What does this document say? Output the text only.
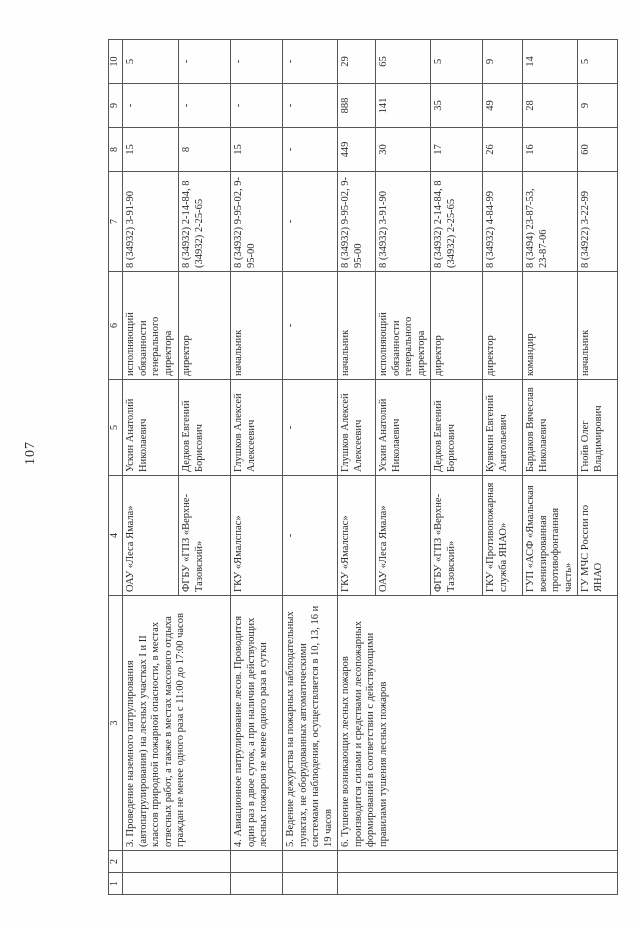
107
1	2	3	4	5	6	7	8	9	10
		3. Проведение наземного патрулирования (автопатрулирования) на лесных участках I и II классов природной пожарной опасности, в местах отвесных работ, а также в местах массового отдыха граждан не менее одного раза с 11:00 до 17:00 часов	ОАУ «Леса Ямала»	Ускин Анатолий Николаевич	исполняющий обязанности генерального директора	8 (34932) 3-91-90	15	-	5
			ФГБУ «ГПЗ «Верхне-Тазовский»	Дедков Евгений Борисович	директор	8 (34932) 2-14-84, 8 (34932) 2-25-65	8	-	-
		4. Авиационное патрулирование лесов. Проводится один раз в двое суток, а при наличии действующих лесных пожаров не менее одного раза в сутки	ГКУ «Ямалспас»	Глушков Алексей Алексеевич	начальник	8 (34932) 9-95-02, 9-95-00	15	-	-
		5. Ведение дежурства на пожарных наблюдательных пунктах, не оборудованных автоматическими системами наблюдения, осуществляется в 10, 13, 16 и 19 часов	-	-	-	-	-	-	-
		6. Тушение возникающих лесных пожаров производится силами и средствами лесопожарных формирований в соответствии с действующими правилами тушения лесных пожаров	ГКУ «Ямалспас»	Глушков Алексей Алексеевич	начальник	8 (34932) 9-95-02, 9-95-00	449	888	29
			ОАУ «Леса Ямала»	Ускин Анатолий Николаевич	исполняющий обязанности генерального директора	8 (34932) 3-91-90	30	141	65
			ФГБУ «ГПЗ «Верхне-Тазовский»	Дедков Евгений Борисович	директор	8 (34932) 2-14-84, 8 (34932) 2-25-65	17	35	5
			ГКУ «Противопожарная служба ЯНАО»	Кувякин Евгений Анатольевич	директор	8 (34932) 4-84-99	26	49	9
			ГУП «АСФ «Ямальская военизированная противофонтанная часть»	Бардаков Вячеслав Николаевич	командир	8 (3494) 23-87-53, 23-87-06	16	28	14
			ГУ МЧС России по ЯНАО	Гнойв Олег Владимирович	начальник	8 (34922) 3-22-99	60	9	5
